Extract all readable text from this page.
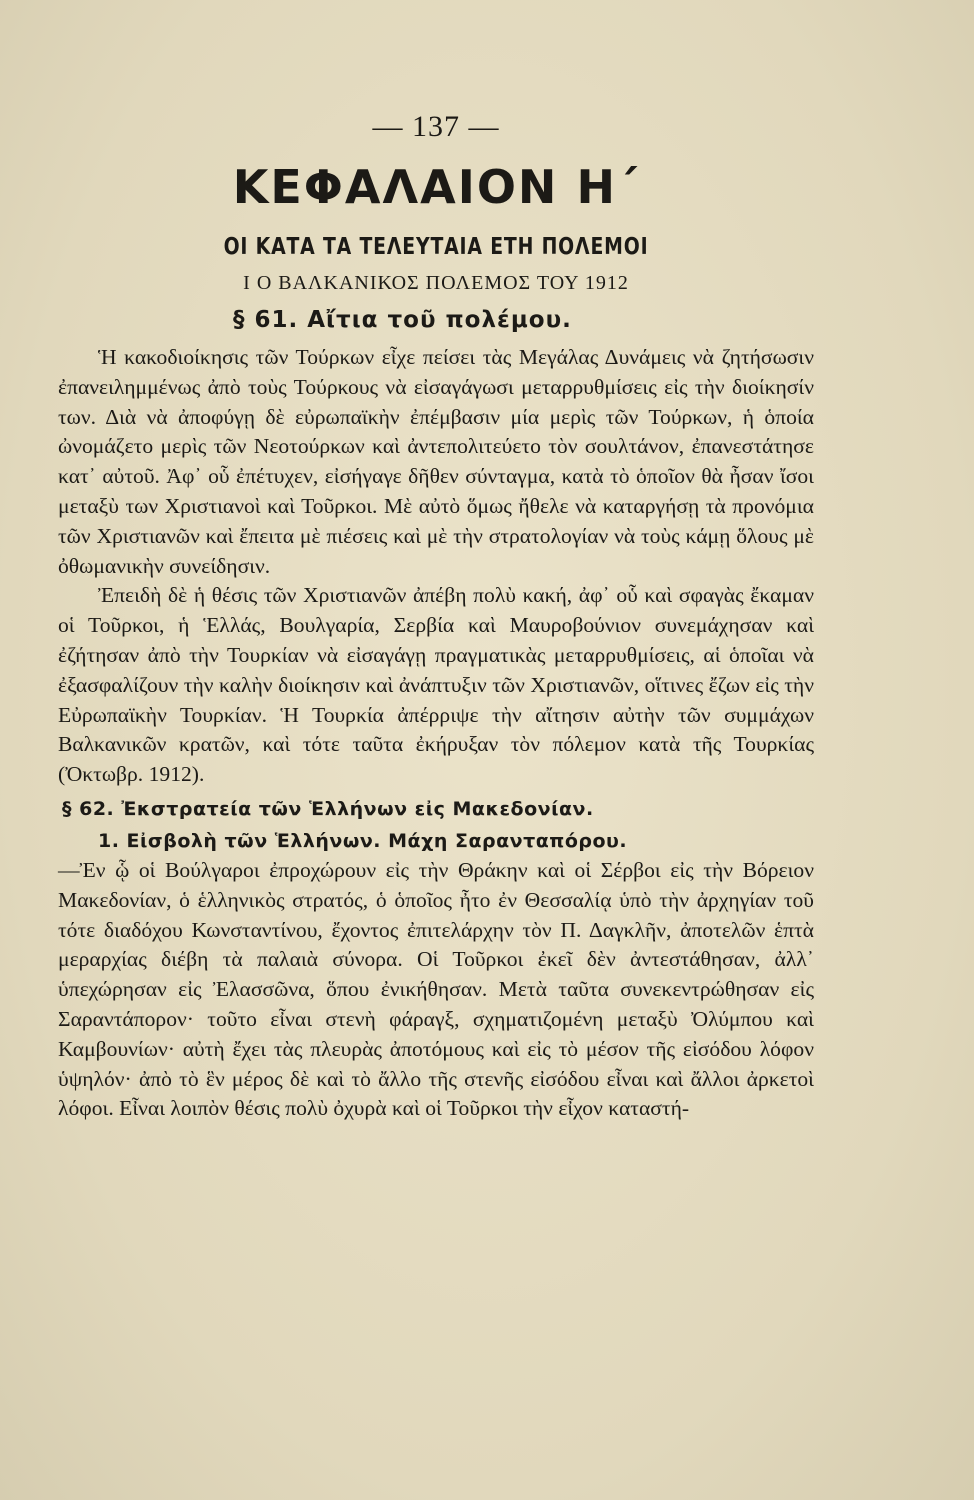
— 137 —
ΚΕΦΑΛΑΙΟΝ Η΄
ΟΙ ΚΑΤΑ ΤΑ ΤΕΛΕΥΤΑΙΑ ΕΤΗ ΠΟΛΕΜΟΙ
Ι Ο ΒΑΛΚΑΝΙΚΟΣ ΠΟΛΕΜΟΣ ΤΟΥ 1912
§ 61. Αἴτια τοῦ πολέμου.

Ἡ κακοδιοίκησις τῶν Τούρκων εἶχε πείσει τὰς Μεγάλας Δυνάμεις νὰ ζητήσωσιν ἐπανειλημμένως ἀπὸ τοὺς Τούρκους νὰ εἰσαγάγωσι μεταρρυθμίσεις εἰς τὴν διοίκησίν των. Διὰ νὰ ἀποφύγῃ δὲ εὐρωπαϊκὴν ἐπέμβασιν μία μερὶς τῶν Τούρκων, ἡ ὁποία ὠνομάζετο μερὶς τῶν Νεοτούρκων καὶ ἀντεπολιτεύετο τὸν σουλτάνον, ἐπανεστάτησε κατ᾿ αὐτοῦ. Ἀφ᾿ οὗ ἐπέτυχεν, εἰσήγαγε δῆθεν σύνταγμα, κατὰ τὸ ὁποῖον θὰ ἦσαν ἴσοι μεταξὺ των Χριστιανοὶ καὶ Τοῦρκοι. Μὲ αὐτὸ ὅμως ἤθελε νὰ καταργήσῃ τὰ προνόμια τῶν Χριστιανῶν καὶ ἔπειτα μὲ πιέσεις καὶ μὲ τὴν στρατολογίαν νὰ τοὺς κάμῃ ὅλους μὲ ὀθωμανικὴν συνείδησιν.

Ἐπειδὴ δὲ ἡ θέσις τῶν Χριστιανῶν ἀπέβη πολὺ κακή, ἀφ᾿ οὗ καὶ σφαγὰς ἔκαμαν οἱ Τοῦρκοι, ἡ Ἑλλάς, Βουλγαρία, Σερβία καὶ Μαυροβούνιον συνεμάχησαν καὶ ἐζήτησαν ἀπὸ τὴν Τουρκίαν νὰ εἰσαγάγῃ πραγματικὰς μεταρρυθμίσεις, αἱ ὁποῖαι νὰ ἐξασφαλίζουν τὴν καλὴν διοίκησιν καὶ ἀνάπτυξιν τῶν Χριστιανῶν, οἵτινες ἔζων εἰς τὴν Εὐρωπαϊκὴν Τουρκίαν. Ἡ Τουρκία ἀπέρριψε τὴν αἴτησιν αὐτὴν τῶν συμμάχων Βαλκανικῶν κρατῶν, καὶ τότε ταῦτα ἐκήρυξαν τὸν πόλεμον κατὰ τῆς Τουρκίας (Ὀκτωβρ. 1912).

§ 62. Ἐκστρατεία τῶν Ἑλλήνων εἰς Μακεδονίαν.
1. Εἰσβολὴ τῶν Ἑλλήνων. Μάχη Σαρανταπόρου.

—Ἐν ᾧ οἱ Βούλγαροι ἐπροχώρουν εἰς τὴν Θράκην καὶ οἱ Σέρβοι εἰς τὴν Βόρειον Μακεδονίαν, ὁ ἑλληνικὸς στρατός, ὁ ὁποῖος ἦτο ἐν Θεσσαλίᾳ ὑπὸ τὴν ἀρχηγίαν τοῦ τότε διαδόχου Κωνσταντίνου, ἔχοντος ἐπιτελάρχην τὸν Π. Δαγκλῆν, ἀποτελῶν ἑπτὰ μεραρχίας διέβη τὰ παλαιὰ σύνορα. Οἱ Τοῦρκοι ἐκεῖ δὲν ἀντεστάθησαν, ἀλλ᾿ ὑπεχώρησαν εἰς Ἐλασσῶνα, ὅπου ἐνικήθησαν. Μετὰ ταῦτα συνεκεντρώθησαν εἰς Σαραντάπορον· τοῦτο εἶναι στενὴ φάραγξ, σχηματιζομένη μεταξὺ Ὀλύμπου καὶ Καμβουνίων· αὐτὴ ἔχει τὰς πλευρὰς ἀποτόμους καὶ εἰς τὸ μέσον τῆς εἰσόδου λόφον ὑψηλόν· ἀπὸ τὸ ἓν μέρος δὲ καὶ τὸ ἄλλο τῆς στενῆς εἰσόδου εἶναι καὶ ἄλλοι ἀρκετοὶ λόφοι. Εἶναι λοιπὸν θέσις πολὺ ὀχυρὰ καὶ οἱ Τοῦρκοι τὴν εἶχον καταστή-
